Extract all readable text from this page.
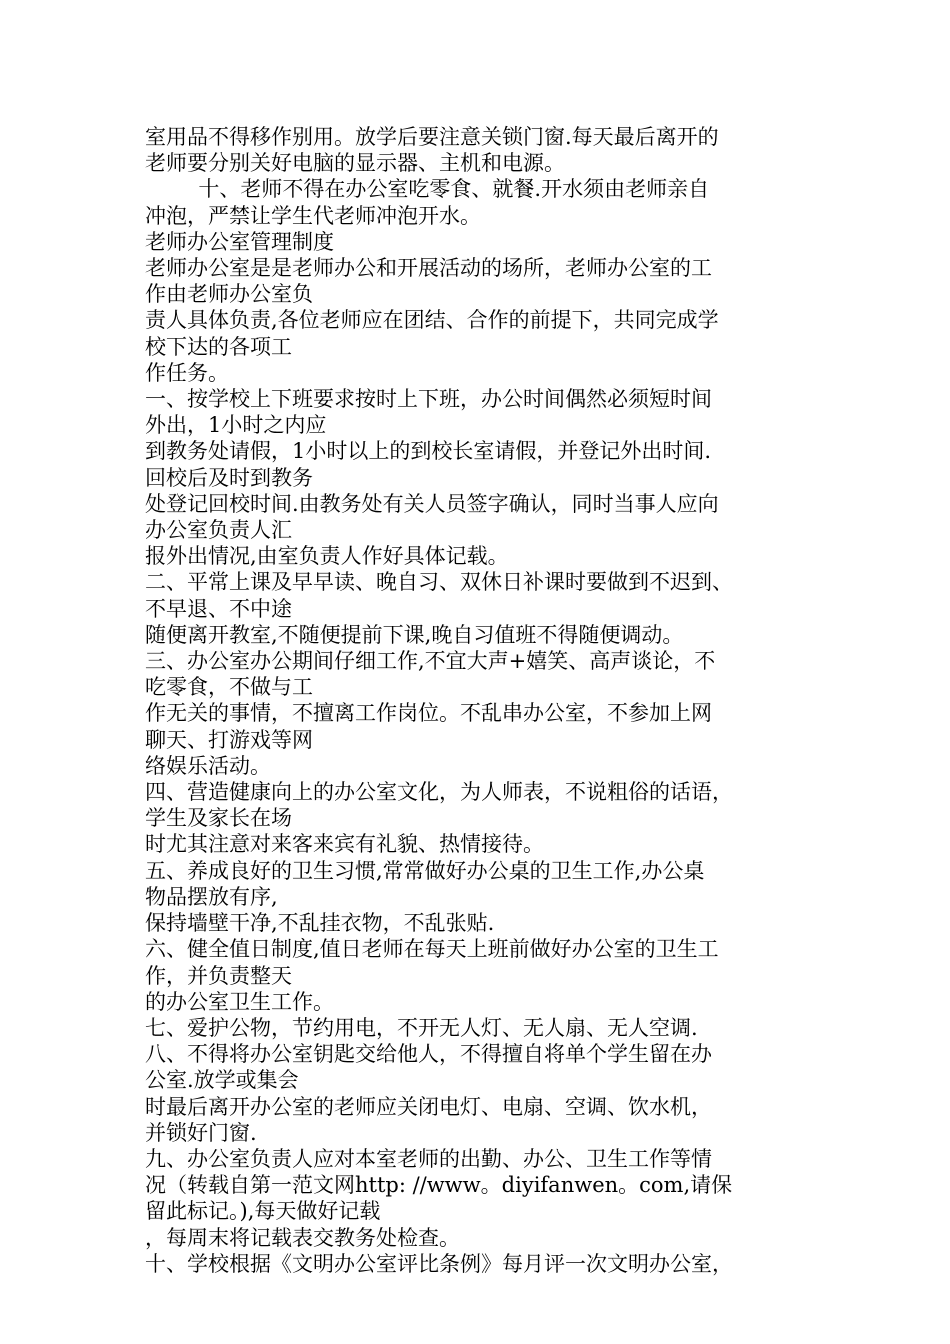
室用品不得移作别用。放学后要注意关锁门窗.每天最后离开的

老师要分别关好电脑的显示器、主机和电源。

十、老师不得在办公室吃零食、就餐.开水须由老师亲自

冲泡，严禁让学生代老师冲泡开水。

老师办公室管理制度

老师办公室是是老师办公和开展活动的场所，老师办公室的工

作由老师办公室负

责人具体负责,各位老师应在团结、合作的前提下，共同完成学

校下达的各项工

作任务。

一、按学校上下班要求按时上下班，办公时间偶然必须短时间

外出，1小时之内应

到教务处请假，1小时以上的到校长室请假，并登记外出时间.

回校后及时到教务

处登记回校时间.由教务处有关人员签字确认，同时当事人应向

办公室负责人汇

报外出情况,由室负责人作好具体记载。

二、平常上课及早早读、晚自习、双休日补课时要做到不迟到、

不早退、不中途

随便离开教室,不随便提前下课,晚自习值班不得随便调动。

三、办公室办公期间仔细工作,不宜大声+嬉笑、高声谈论，不

吃零食，不做与工

作无关的事情，不擅离工作岗位。不乱串办公室，不参加上网

聊天、打游戏等网

络娱乐活动。

四、营造健康向上的办公室文化，为人师表，不说粗俗的话语，

学生及家长在场

时尤其注意对来客来宾有礼貌、热情接待。

五、养成良好的卫生习惯,常常做好办公桌的卫生工作,办公桌

物品摆放有序,

保持墙壁干净,不乱挂衣物，不乱张贴.

六、健全值日制度,值日老师在每天上班前做好办公室的卫生工

作，并负责整天

的办公室卫生工作。

七、爱护公物，节约用电，不开无人灯、无人扇、无人空调.

八、不得将办公室钥匙交给他人，不得擅自将单个学生留在办

公室.放学或集会

时最后离开办公室的老师应关闭电灯、电扇、空调、饮水机，

并锁好门窗.

九、办公室负责人应对本室老师的出勤、办公、卫生工作等情

况（转载自第一范文网http: //www。diyifanwen。com,请保

留此标记。),每天做好记载

，每周末将记载表交教务处检查。

十、学校根据《文明办公室评比条例》每月评一次文明办公室，
